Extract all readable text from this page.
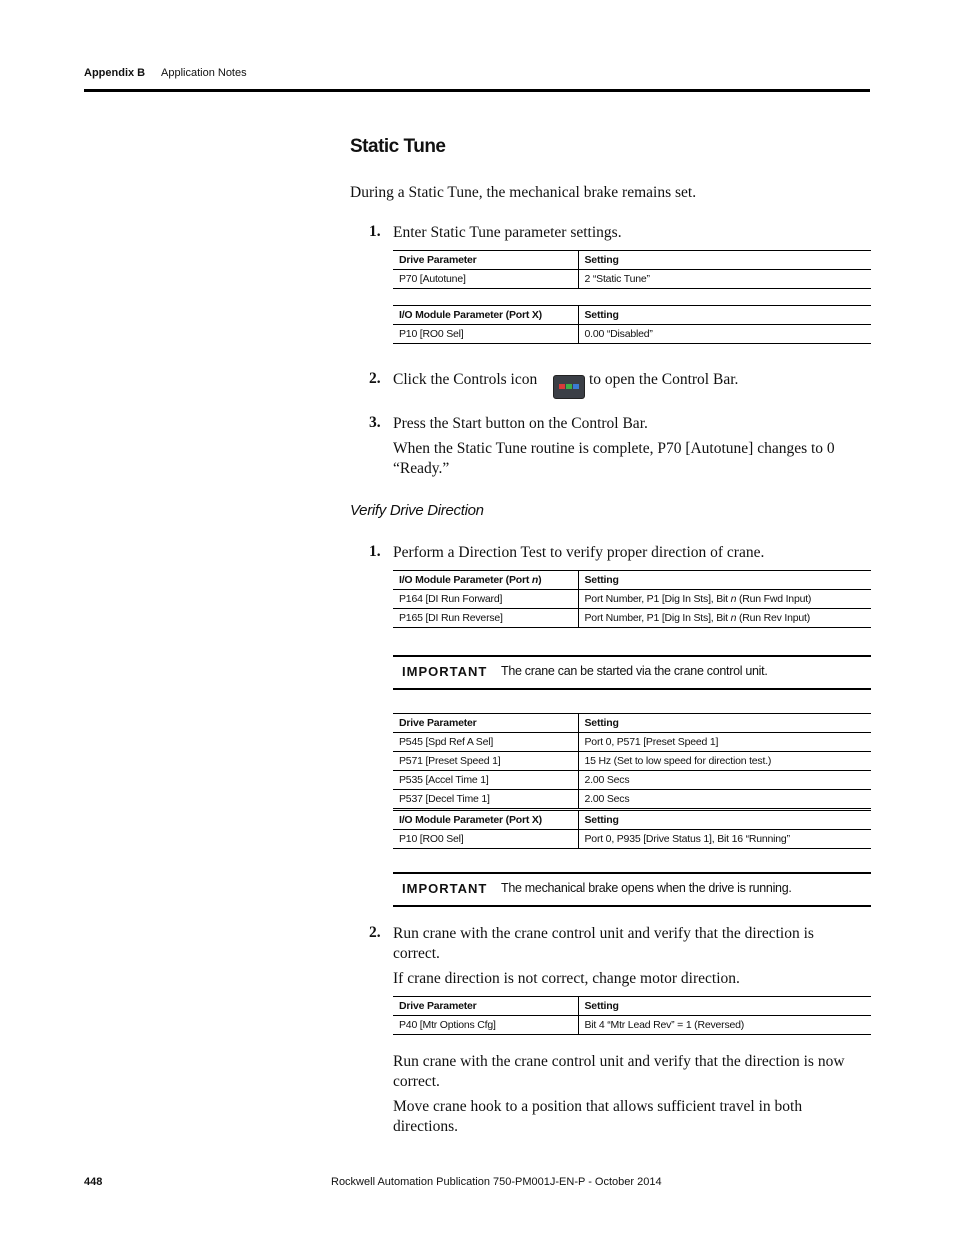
Appendix B Application Notes
Static Tune
During a Static Tune, the mechanical brake remains set.
1. Enter Static Tune parameter settings.
Drive Parameter	Setting
P70 [Autotune]	2 “Static Tune”
I/O Module Parameter (Port X)	Setting
P10 [RO0 Sel]	0.00 “Disabled”
2. Click the Controls icon	to open the Control Bar.
3. Press the Start button on the Control Bar.
When the Static Tune routine is complete, P70 [Autotune] changes to 0 “Ready.”
Verify Drive Direction
1. Perform a Direction Test to verify proper direction of crane.
I/O Module Parameter (Port n)	Setting
P164 [DI Run Forward]	Port Number, P1 [Dig In Sts], Bit n (Run Fwd Input)
P165 [DI Run Reverse]	Port Number, P1 [Dig In Sts], Bit n (Run Rev Input)
IMPORTANT The crane can be started via the crane control unit.
Drive Parameter	Setting
P545 [Spd Ref A Sel]	Port 0, P571 [Preset Speed 1]
P571 [Preset Speed 1]	15 Hz (Set to low speed for direction test.)
P535 [Accel Time 1]	2.00 Secs
P537 [Decel Time 1]	2.00 Secs
I/O Module Parameter (Port X)	Setting
P10 [RO0 Sel]	Port 0, P935 [Drive Status 1], Bit 16 “Running”
IMPORTANT The mechanical brake opens when the drive is running.
2. Run crane with the crane control unit and verify that the direction is correct.
If crane direction is not correct, change motor direction.
Drive Parameter	Setting
P40 [Mtr Options Cfg]	Bit 4 “Mtr Lead Rev” = 1 (Reversed)
Run crane with the crane control unit and verify that the direction is now correct.
Move crane hook to a position that allows sufficient travel in both directions.
448	Rockwell Automation Publication 750-PM001J-EN-P - October 2014
